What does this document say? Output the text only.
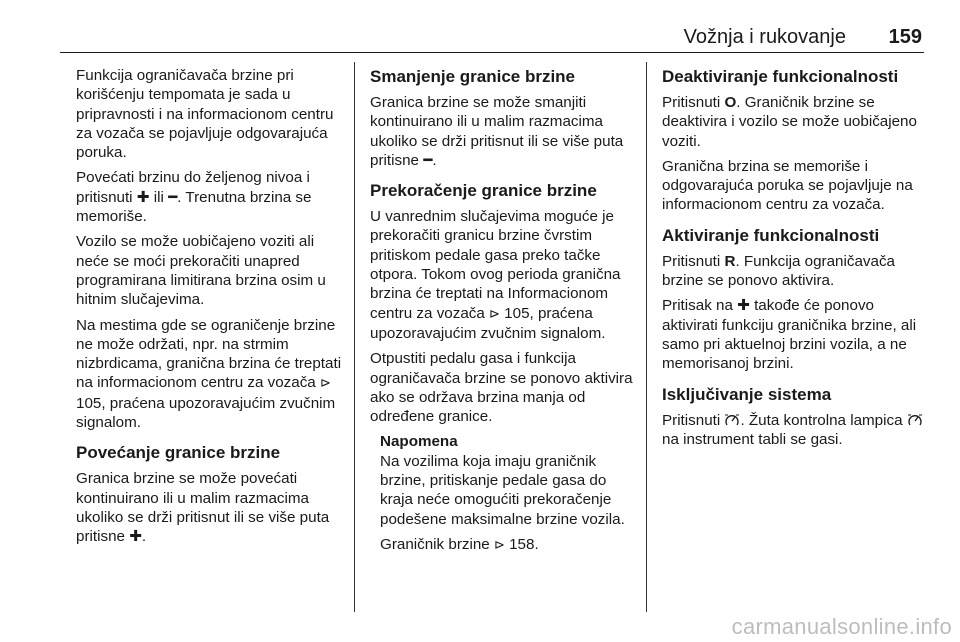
Vožnja i rukovanje 159

Funkcija ograničavača brzine pri korišćenju tempomata je sada u pripravnosti i na informacionom centru za vozača se pojavljuje odgovarajuća poruka.

Povećati brzinu do željenog nivoa i pritisnuti ✚ ili ━. Trenutna brzina se memoriše.

Vozilo se može uobičajeno voziti ali neće se moći prekoračiti unapred programirana limitirana brzina osim u hitnim slučajevima.

Na mestima gde se ograničenje brzine ne može održati, npr. na strmim nizbrdicama, granična brzina će treptati na informacionom centru za vozača ⊳ 105, praćena upozoravajućim zvučnim signalom.

Povećanje granice brzine

Granica brzine se može povećati kontinuirano ili u malim razmacima ukoliko se drži pritisnut ili se više puta pritisne ✚.

Smanjenje granice brzine

Granica brzine se može smanjiti kontinuirano ili u malim razmacima ukoliko se drži pritisnut ili se više puta pritisne ━.

Prekoračenje granice brzine

U vanrednim slučajevima moguće je prekoračiti granicu brzine čvrstim pritiskom pedale gasa preko tačke otpora. Tokom ovog perioda granična brzina će treptati na Informacionom centru za vozača ⊳ 105, praćena upozoravajućim zvučnim signalom.

Otpustiti pedalu gasa i funkcija ograničavača brzine se ponovo aktivira ako se održava brzina manja od određene granice.

Napomena

Na vozilima koja imaju graničnik brzine, pritiskanje pedale gasa do kraja neće omogućiti prekoračenje podešene maksimalne brzine vozila.

Graničnik brzine ⊳ 158.

Deaktiviranje funkcionalnosti

Pritisnuti O. Graničnik brzine se deaktivira i vozilo se može uobičajeno voziti.

Granična brzina se memoriše i odgovarajuća poruka se pojavljuje na informacionom centru za vozača.

Aktiviranje funkcionalnosti

Pritisnuti R. Funkcija ograničavača brzine se ponovo aktivira.

Pritisak na ✚ takođe će ponovo aktivirati funkciju graničnika brzine, ali samo pri aktuelnoj brzini vozila, a ne memorisanoj brzini.

Isključivanje sistema

Pritisnuti . Žuta kontrolna lampica  na instrument tabli se gasi.

carmanualsonline.info
